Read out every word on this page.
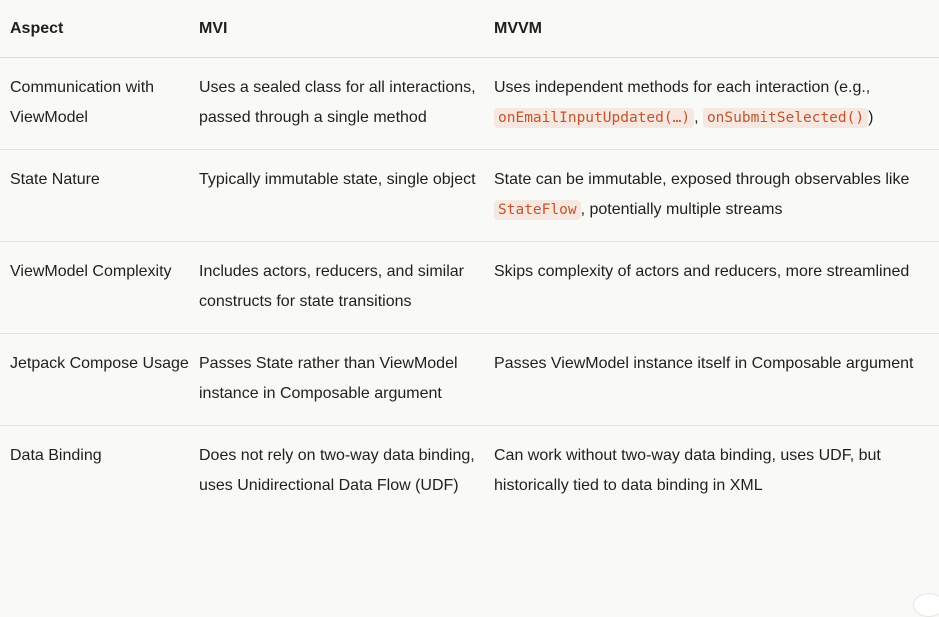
Aspect	MVI	MVVM
Communication with ViewModel	Uses a sealed class for all interactions, passed through a single method	Uses independent methods for each interaction (e.g., onEmailInputUpdated(…) , onSubmitSelected() )
State Nature	Typically immutable state, single object	State can be immutable, exposed through observables like StateFlow , potentially multiple streams
ViewModel Complexity	Includes actors, reducers, and similar constructs for state transitions	Skips complexity of actors and reducers, more streamlined
Jetpack Compose Usage	Passes State rather than ViewModel instance in Composable argument	Passes ViewModel instance itself in Composable argument
Data Binding	Does not rely on two-way data binding, uses Unidirectional Data Flow (UDF)	Can work without two-way data binding, uses UDF, but historically tied to data binding in XML
